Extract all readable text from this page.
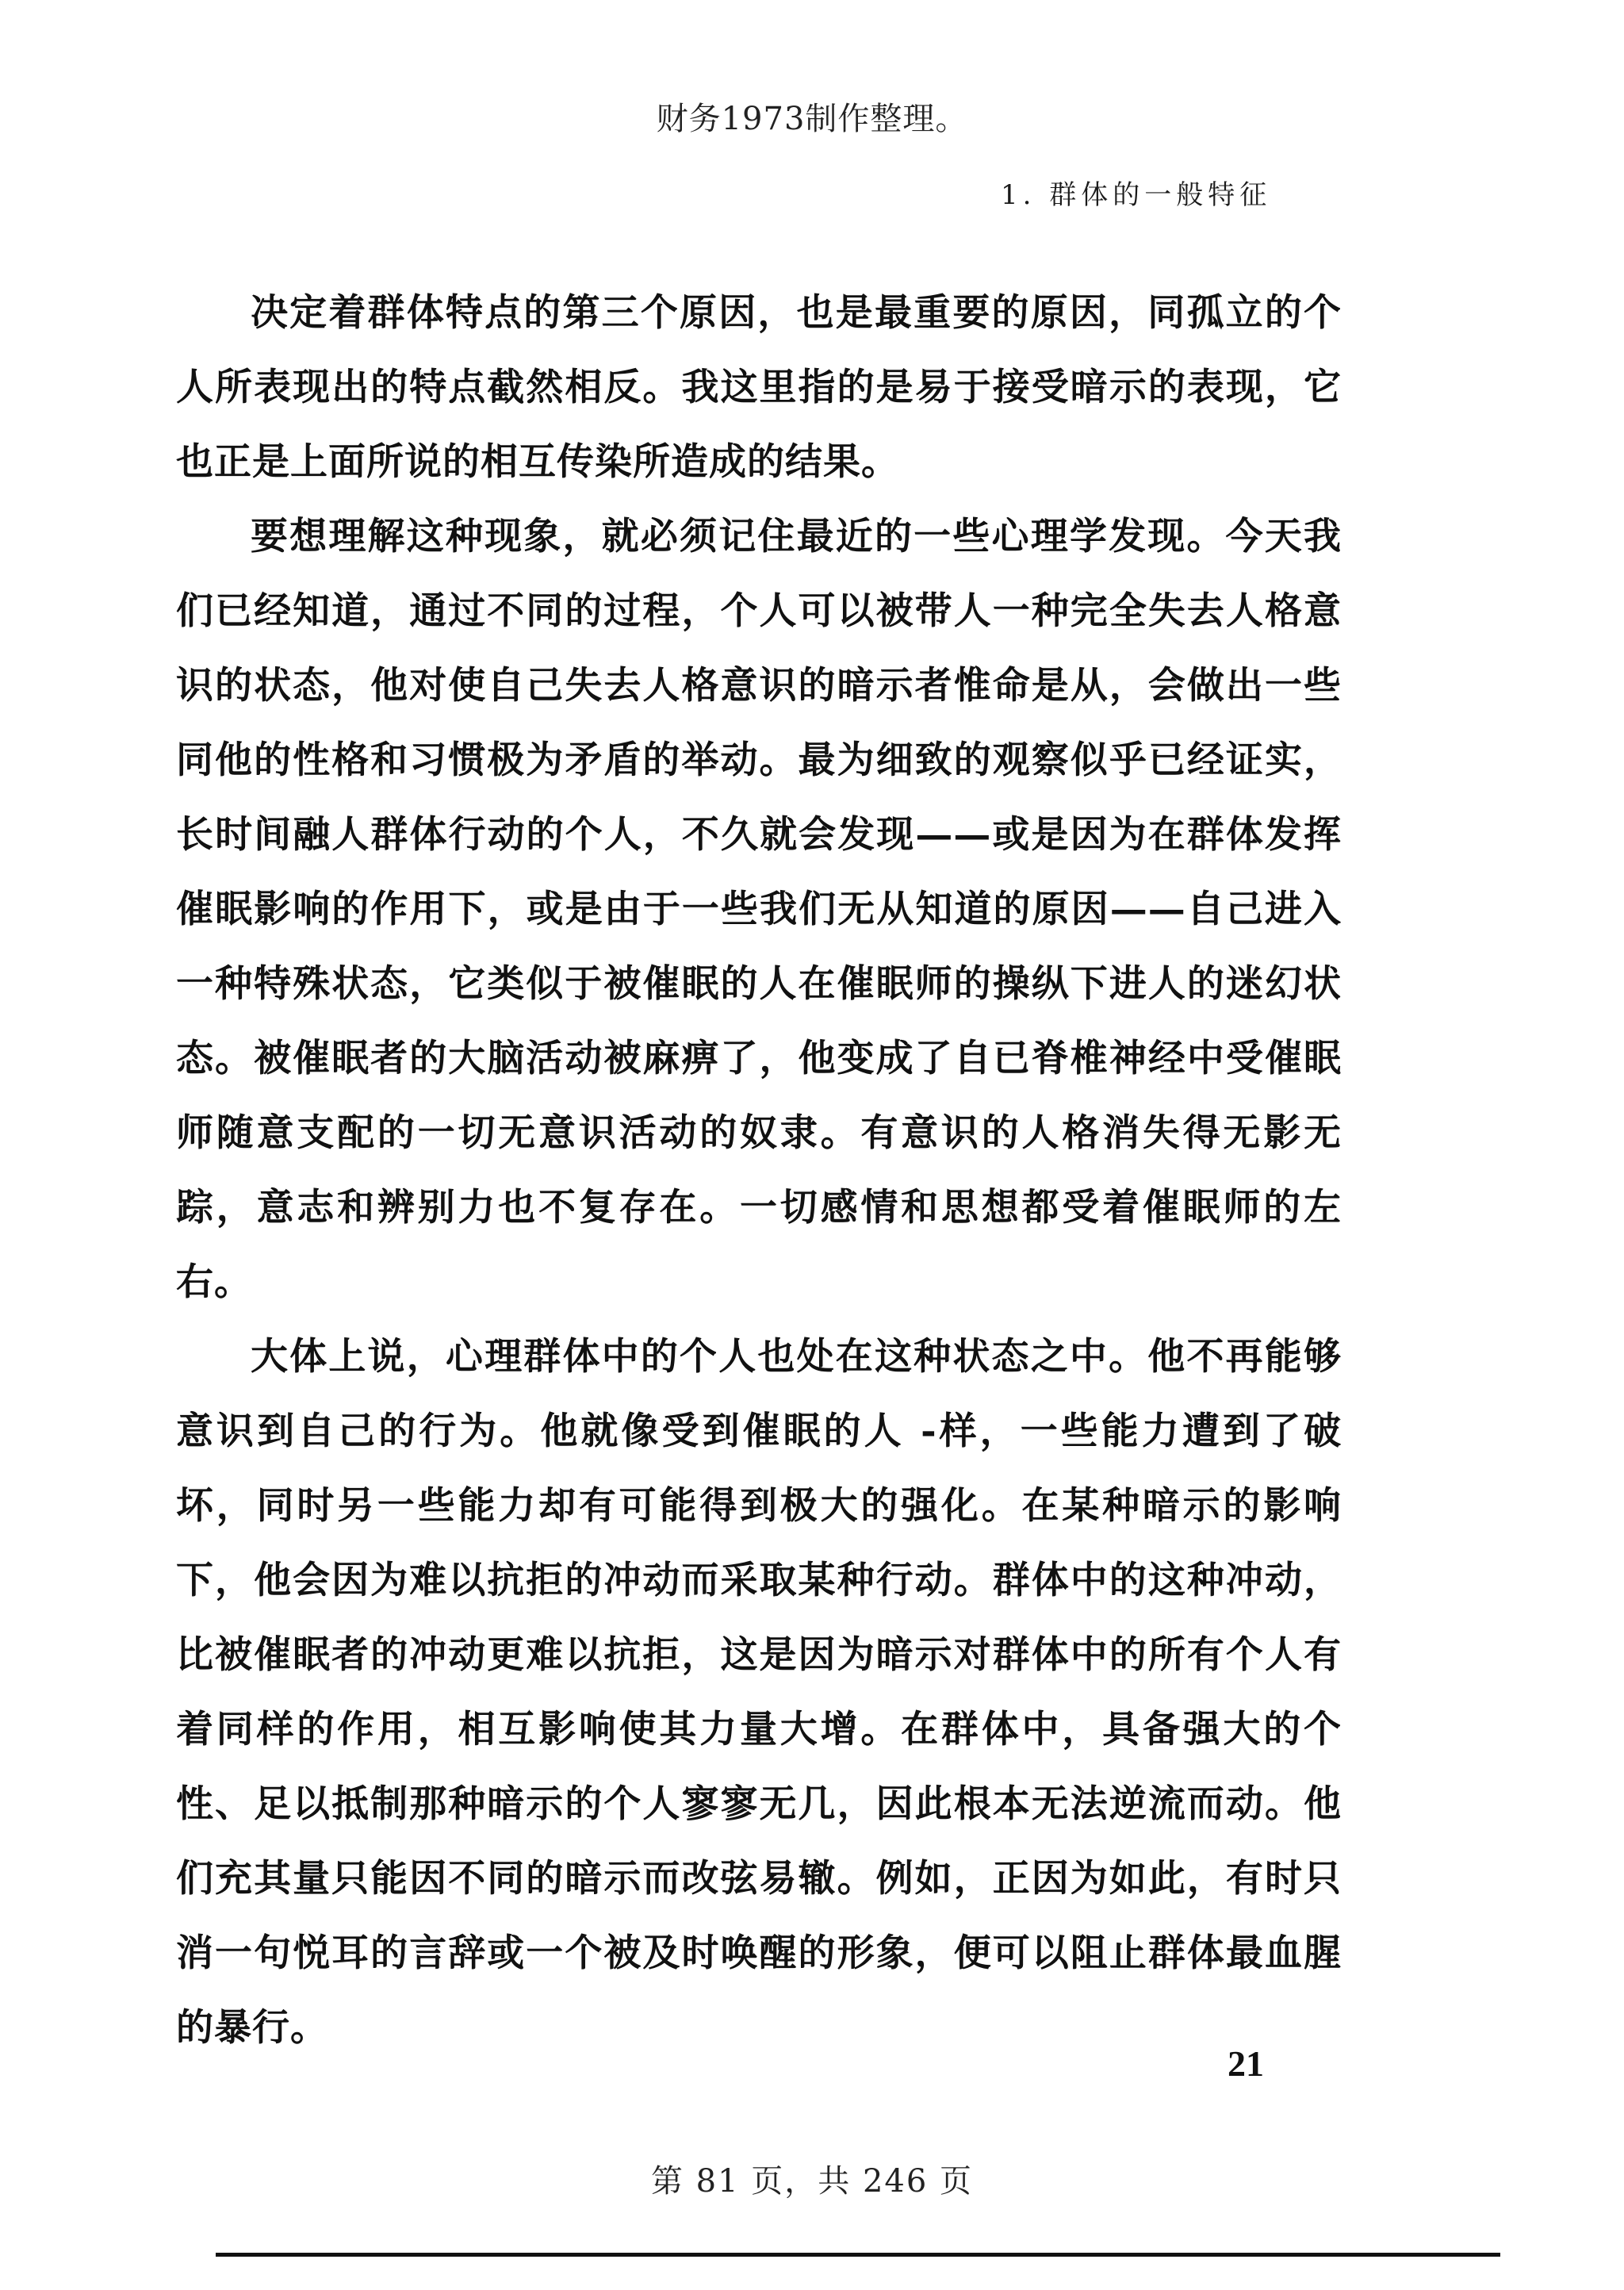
财务1973制作整理。
1. 群体的一般特征

决定着群体特点的第三个原因，也是最重要的原因，同孤立的个人所表现出的特点截然相反。我这里指的是易于接受暗示的表现，它也正是上面所说的相互传染所造成的结果。

要想理解这种现象，就必须记住最近的一些心理学发现。今天我们已经知道，通过不同的过程，个人可以被带人一种完全失去人格意识的状态，他对使自己失去人格意识的暗示者惟命是从，会做出一些同他的性格和习惯极为矛盾的举动。最为细致的观察似乎已经证实，长时间融人群体行动的个人，不久就会发现——或是因为在群体发挥催眠影响的作用下，或是由于一些我们无从知道的原因——自己进入一种特殊状态，它类似于被催眠的人在催眠师的操纵下进人的迷幻状态。被催眠者的大脑活动被麻痹了，他变成了自已脊椎神经中受催眠师随意支配的一切无意识活动的奴隶。有意识的人格消失得无影无踪，意志和辨别力也不复存在。一切感情和思想都受着催眠师的左右。

大体上说，心理群体中的个人也处在这种状态之中。他不再能够意识到自己的行为。他就像受到催眠的人 -样，一些能力遭到了破坏，同时另一些能力却有可能得到极大的强化。在某种暗示的影响下，他会因为难以抗拒的冲动而采取某种行动。群体中的这种冲动，比被催眠者的冲动更难以抗拒，这是因为暗示对群体中的所有个人有着同样的作用，相互影响使其力量大增。在群体中，具备强大的个性、足以抵制那种暗示的个人寥寥无几，因此根本无法逆流而动。他们充其量只能因不同的暗示而改弦易辙。例如，正因为如此，有时只消一句悦耳的言辞或一个被及时唤醒的形象，便可以阻止群体最血腥的暴行。

21
第 81 页，共 246 页
